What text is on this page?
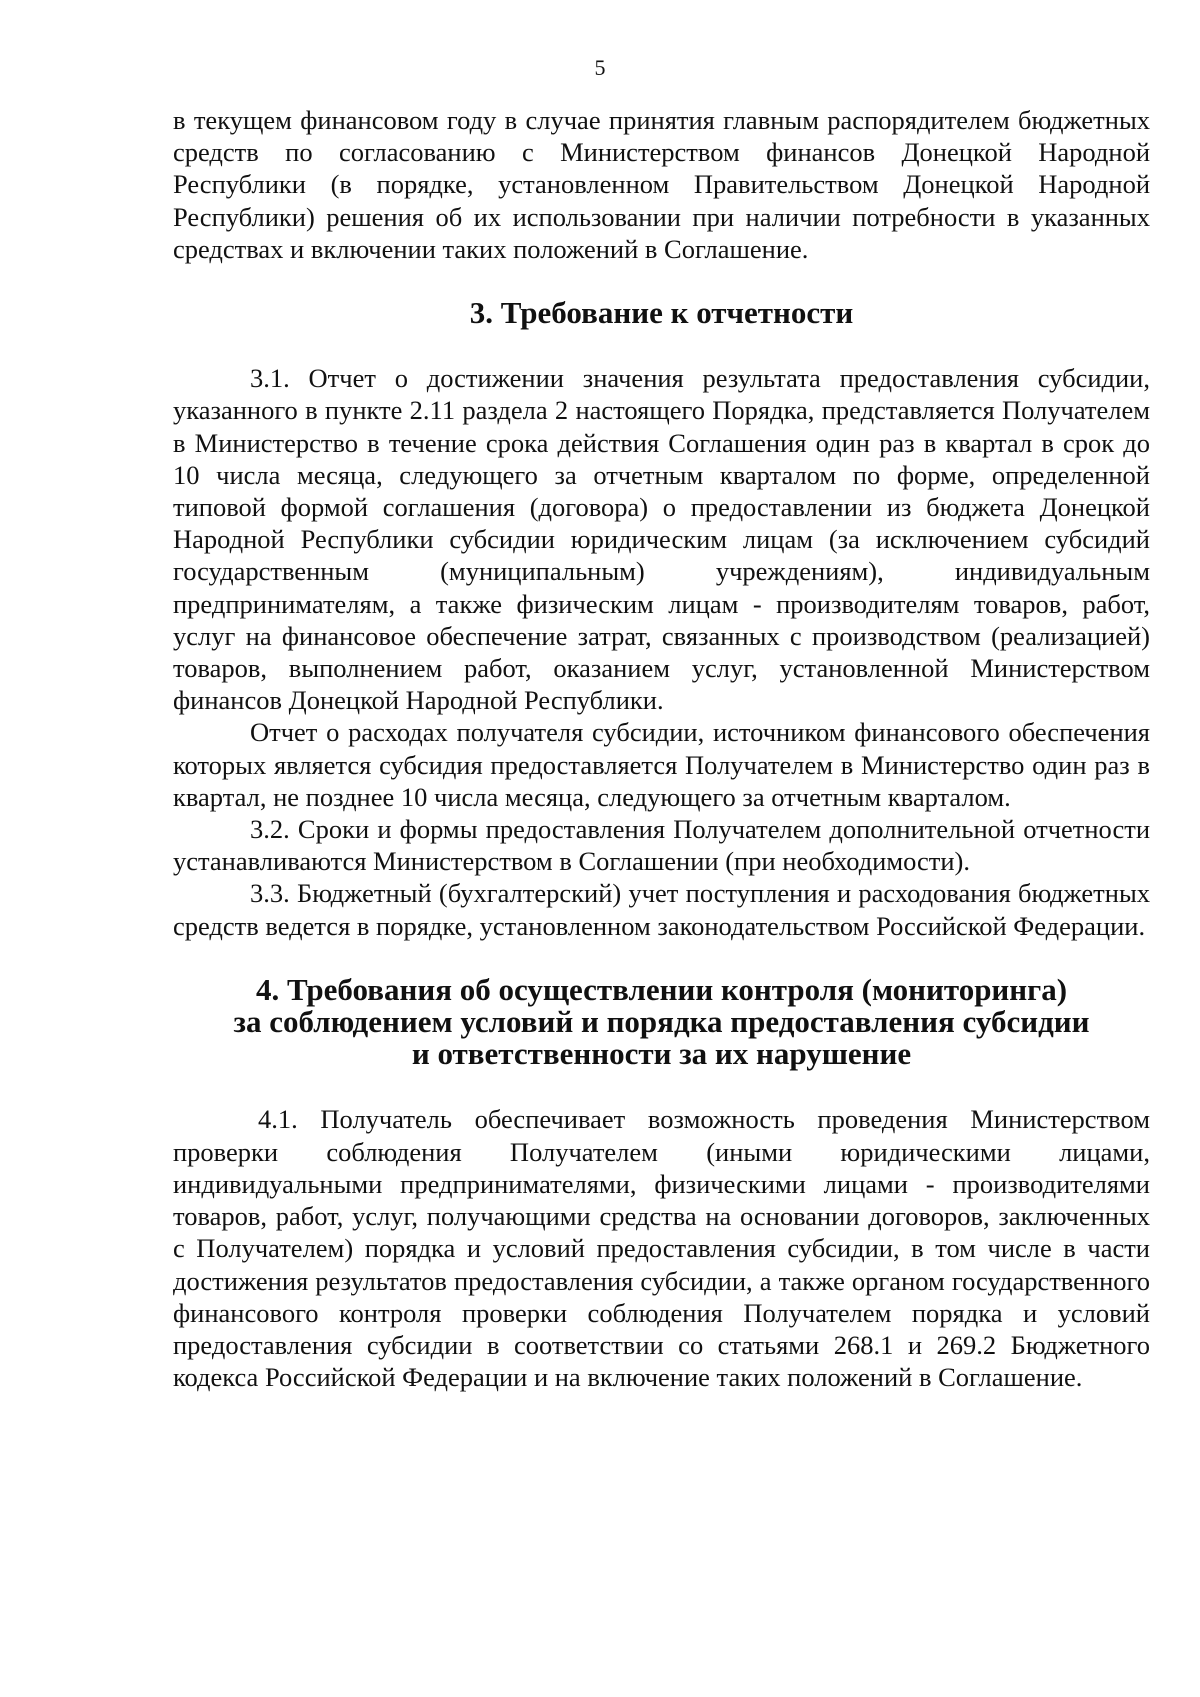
5

в текущем финансовом году в случае принятия главным распорядителем бюджетных средств по согласованию с Министерством финансов Донецкой Народной Республики (в порядке, установленном Правительством Донецкой Народной Республики) решения об их использовании при наличии потребности в указанных средствах и включении таких положений в Соглашение.

3. Требование к отчетности

3.1. Отчет о достижении значения результата предоставления субсидии, указанного в пункте 2.11 раздела 2 настоящего Порядка, представляется Получателем в Министерство в течение срока действия Соглашения один раз в квартал в срок до 10 числа месяца, следующего за отчетным кварталом по форме, определенной типовой формой соглашения (договора) о предоставлении из бюджета Донецкой Народной Республики субсидии юридическим лицам (за исключением субсидий государственным (муниципальным) учреждениям), индивидуальным предпринимателям, а также физическим лицам - производителям товаров, работ, услуг на финансовое обеспечение затрат, связанных с производством (реализацией) товаров, выполнением работ, оказанием услуг, установленной Министерством финансов Донецкой Народной Республики.

Отчет о расходах получателя субсидии, источником финансового обеспечения которых является субсидия предоставляется Получателем в Министерство один раз в квартал, не позднее 10 числа месяца, следующего за отчетным кварталом.

3.2. Сроки и формы предоставления Получателем дополнительной отчетности устанавливаются Министерством в Соглашении (при необходимости).

3.3. Бюджетный (бухгалтерский) учет поступления и расходования бюджетных средств ведется в порядке, установленном законодательством Российской Федерации.

4. Требования об осуществлении контроля (мониторинга)
за соблюдением условий и порядка предоставления субсидии
и ответственности за их нарушение

4.1. Получатель обеспечивает возможность проведения Министерством проверки соблюдения Получателем (иными юридическими лицами, индивидуальными предпринимателями, физическими лицами - производителями товаров, работ, услуг, получающими средства на основании договоров, заключенных с Получателем) порядка и условий предоставления субсидии, в том числе в части достижения результатов предоставления субсидии, а также органом государственного финансового контроля проверки соблюдения Получателем порядка и условий предоставления субсидии в соответствии со статьями 268.1 и 269.2 Бюджетного кодекса Российской Федерации и на включение таких положений в Соглашение.
